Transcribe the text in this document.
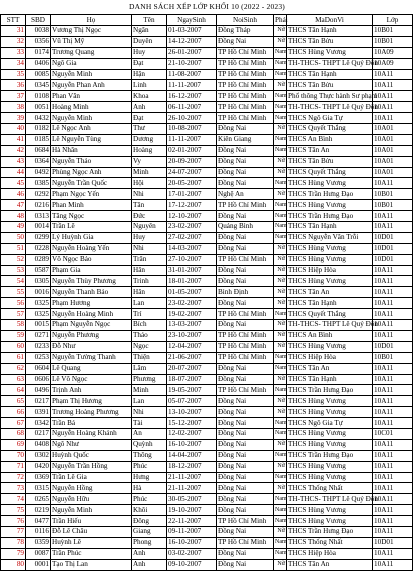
DANH SÁCH XẾP LỚP KHỐI 10 (2022 - 2023)
STT	SBD	Họ	Tên	NgaySinh	NoiSinh	Phái	MaDonVi	Lớp
31	0038	Vương Thị Ngọc	Ngân	01-03-2007	Đồng Tháp	Nữ	THCS Tân Hạnh	10B01
32	0356	Vũ Thị Mỹ	Duyên	14-12-2007	Đồng Nai	Nữ	THCS Tân Bửu	10B01
33	0174	Trương Quang	Huy	26-01-2007	TP Hồ Chí Minh	Nam	THCS Hùng Vương	10A09
34	0406	Ngô Gia	Đạt	21-10-2007	TP Hồ Chí Minh	Nam	TH-THCS- THPT Lê Quý Đôn	10A09
35	0085	Nguyễn Minh	Hận	11-08-2007	TP Hồ Chí Minh	Nam	THCS Tân Hạnh	10A11
36	0345	Nguyễn Phan Anh	Linh	11-11-2007	TP Hồ Chí Minh	Nữ	THCS Tân Bửu	10A11
37	0108	Phan Văn	Khoa	16-12-2007	TP Hồ Chí Minh	Nam	Phổ thông Thực hành Sư phạm	10A11
38	0051	Hoàng Minh	Anh	06-11-2007	TP Hồ Chí Minh	Nam	TH-THCS- THPT Lê Quý Đôn	10A11
39	0432	Nguyễn Minh	Đạt	26-10-2007	TP Hồ Chí Minh	Nam	THCS Ngô Gia Tự	10A11
40	0182	Lê Ngọc Anh	Thư	10-08-2007	Đồng Nai	Nữ	THCS Quyết Thắng	10A01
41	0185	Lê Nguyễn Tùng	Dương	11-11-2007	Kiên Giang	Nam	THCS An Bình	10A01
42	0684	Hà Nhân	Hoàng	02-01-2007	Đồng Nai	Nam	THCS Tân An	10A01
43	0364	Nguyễn Thảo	Vy	20-09-2007	Đồng Nai	Nữ	THCS Tân Bửu	10A01
44	0492	Phùng Ngọc Anh	Minh	24-07-2007	Đồng Nai	Nữ	THCS Quyết Thắng	10A01
45	0385	Nguyễn Trần Quốc	Hội	20-05-2007	Đồng Nai	Nam	THCS Hùng Vương	10A11
46	0292	Phạm Ngọc Yến	Nhi	17-01-2007	Nghệ An	Nữ	THCS Trần Hưng Đạo	10B01
47	0216	Phan Minh	Tân	17-12-2007	TP Hồ Chí Minh	Nam	THCS Hùng Vương	10B01
48	0313	Tăng Ngọc	Đức	12-10-2007	Đồng Nai	Nam	THCS Trần Hưng Đạo	10A11
49	0014	Trần Lê	Nguyên	23-02-2007	Quảng Bình	Nam	THCS Tân Hạnh	10A11
50	0299	Lý Huỳnh Gia	Huy	27-02-2007	Đồng Nai	Nam	THCS Nguyễn Văn Trỗi	10D01
51	0228	Nguyễn Hoàng Yến	Nhi	14-03-2007	Đồng Nai	Nữ	THCS Hùng Vương	10D01
52	0289	Võ Ngọc Bảo	Trân	27-10-2007	TP Hồ Chí Minh	Nữ	THCS Hùng Vương	10D01
53	0587	Phạm Gia	Hân	31-01-2007	Đồng Nai	Nữ	THCS Hiệp Hòa	10A11
54	0305	Nguyễn Thùy Phương	Trinh	18-01-2007	Đồng Nai	Nữ	THCS Hùng Vương	10A11
55	0016	Nguyễn Thanh Bảo	Hân	01-05-2007	Bình Định	Nữ	THCS Tân An	10A11
56	0325	Phạm Hương	Lan	23-02-2007	Đồng Nai	Nữ	THCS Tân Hạnh	10A11
57	0325	Nguyễn Hoàng Minh	Trí	19-02-2007	TP Hồ Chí Minh	Nam	THCS Quyết Thắng	10A11
58	0015	Phạm Nguyễn Ngọc	Bích	13-03-2007	Đồng Nai	Nữ	TH-THCS- THPT Lê Quý Đôn	10A11
59	0271	Nguyễn Phương	Thảo	23-10-2007	TP Hồ Chí Minh	Nữ	THCS An Bình	10A11
60	0233	Đỗ Như	Ngọc	12-04-2007	TP Hồ Chí Minh	Nữ	THCS Hùng Vương	10D01
61	0253	Nguyễn Tường Thanh	Thiện	21-06-2007	TP Hồ Chí Minh	Nam	THCS Hiệp Hòa	10B01
62	0604	Lê Quang	Lâm	20-07-2007	Đồng Nai	Nam	THCS Tân An	10A11
63	0606	Lê Võ Ngọc	Phương	18-07-2007	Đồng Nai	Nữ	THCS Tân Hạnh	10A11
64	0496	Trịnh Anh	Minh	19-05-2007	TP Hồ Chí Minh	Nam	THCS Trần Hưng Đạo	10A11
65	0217	Phạm Thị Hương	Lan	05-07-2007	Đồng Nai	Nữ	THCS Hùng Vương	10A11
66	0391	Trương Hoàng Phương	Nhi	13-10-2007	Đồng Nai	Nữ	THCS Hùng Vương	10A11
67	0342	Trần Bá	Tài	15-12-2007	Đồng Nai	Nam	THCS Ngô Gia Tự	10A11
68	0217	Nguyễn Hoàng Khánh	An	12-02-2007	Đồng Nai	Nam	THCS Hùng Vương	10C01
69	0408	Ngô Như	Quỳnh	16-10-2007	Đồng Nai	Nữ	THCS Hùng Vương	10A11
70	0302	Huỳnh Quốc	Thông	14-04-2007	Đồng Nai	Nam	THCS Trần Hưng Đạo	10A11
71	0420	Nguyễn Trần Hồng	Phúc	18-12-2007	Đồng Nai	Nữ	THCS Hùng Vương	10A11
72	0369	Trần Lê Gia	Hưng	21-11-2007	Đồng Nai	Nam	THCS Hùng Vương	10A11
73	0315	Nguyễn Hồng	Hà	21-11-2007	Đồng Nai	Nữ	THCS Thống Nhất	10A11
74	0265	Nguyễn Hữu	Phúc	30-05-2007	Đồng Nai	Nam	TH-THCS- THPT Lê Quý Đôn	10A11
75	0219	Nguyễn Minh	Khôi	19-10-2007	Đồng Nai	Nam	THCS Hùng Vương	10A11
76	0477	Trần Hiếu	Đông	22-11-2007	TP Hồ Chí Minh	Nam	THCS Hùng Vương	10A11
77	0116	Đỗ Lê Châu	Giang	09-11-2007	Đồng Nai	Nữ	THCS Trần Hưng Đạo	10A11
78	0359	Huỳnh Lê	Phong	16-10-2007	TP Hồ Chí Minh	Nam	THCS Thống Nhất	10D01
79	0087	Trần Phúc	Anh	03-02-2007	Đồng Nai	Nam	THCS Hiệp Hòa	10A11
80	0001	Tạo Thị Lan	Anh	09-10-2007	Đồng Nai	Nữ	THCS Tân An	10A11
